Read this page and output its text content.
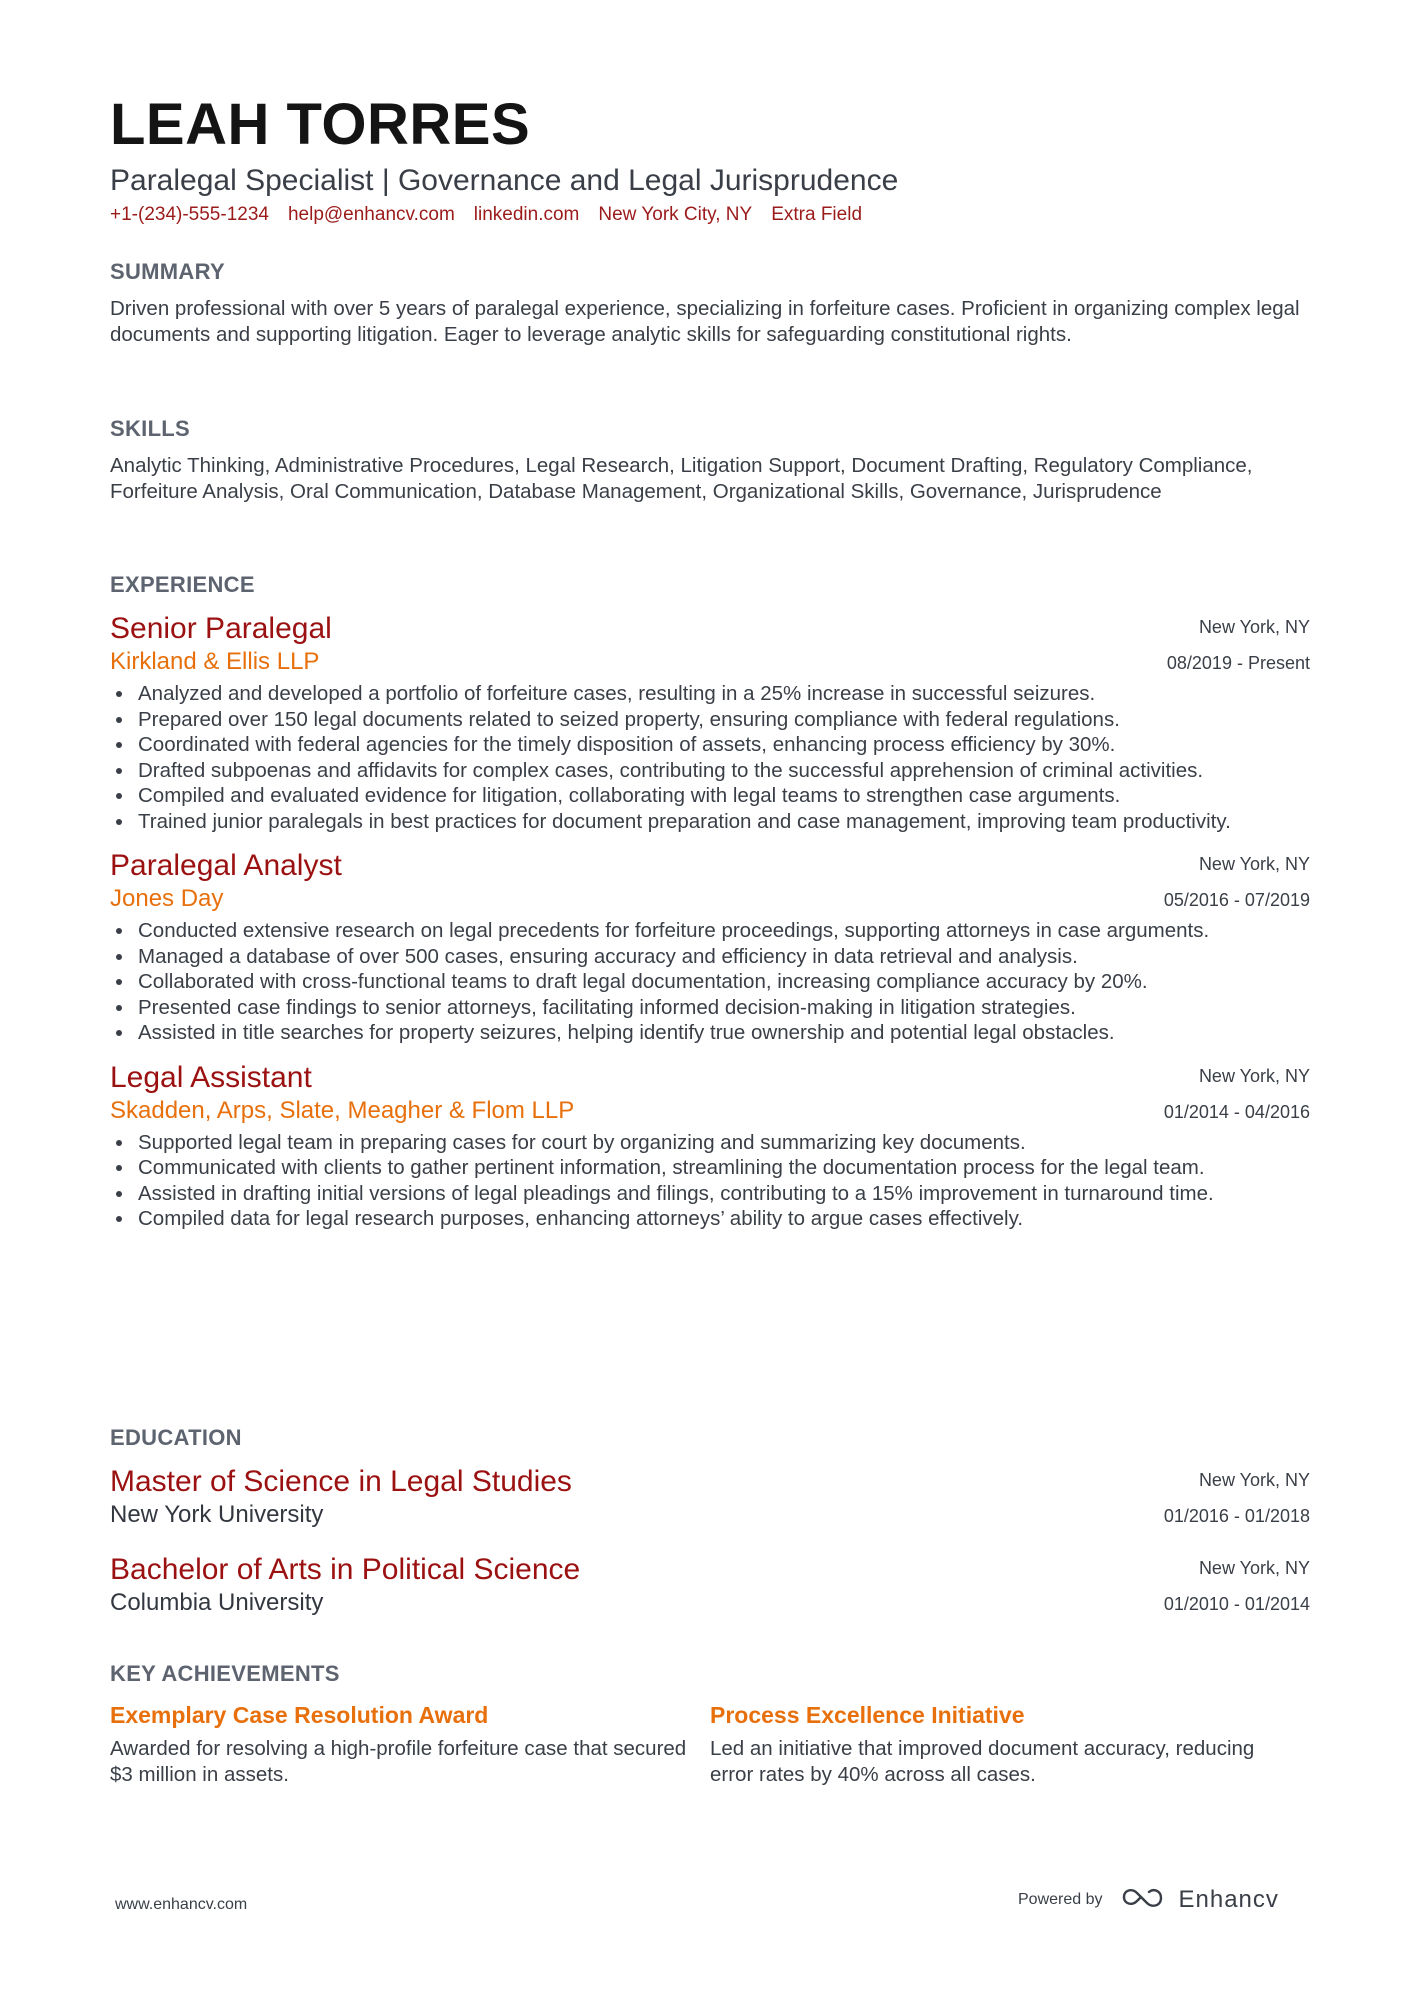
LEAH TORRES
Paralegal Specialist | Governance and Legal Jurisprudence
+1-(234)-555-1234 help@enhancv.com linkedin.com New York City, NY Extra Field
SUMMARY
Driven professional with over 5 years of paralegal experience, specializing in forfeiture cases. Proficient in organizing complex legal documents and supporting litigation. Eager to leverage analytic skills for safeguarding constitutional rights.
SKILLS
Analytic Thinking, Administrative Procedures, Legal Research, Litigation Support, Document Drafting, Regulatory Compliance, Forfeiture Analysis, Oral Communication, Database Management, Organizational Skills, Governance, Jurisprudence
EXPERIENCE
New York, NY
08/2019 - Present
Senior Paralegal
Kirkland & Ellis LLP
Analyzed and developed a portfolio of forfeiture cases, resulting in a 25% increase in successful seizures.
Prepared over 150 legal documents related to seized property, ensuring compliance with federal regulations.
Coordinated with federal agencies for the timely disposition of assets, enhancing process efficiency by 30%.
Drafted subpoenas and affidavits for complex cases, contributing to the successful apprehension of criminal activities.
Compiled and evaluated evidence for litigation, collaborating with legal teams to strengthen case arguments.
Trained junior paralegals in best practices for document preparation and case management, improving team productivity.
New York, NY
05/2016 - 07/2019
Paralegal Analyst
Jones Day
Conducted extensive research on legal precedents for forfeiture proceedings, supporting attorneys in case arguments.
Managed a database of over 500 cases, ensuring accuracy and efficiency in data retrieval and analysis.
Collaborated with cross-functional teams to draft legal documentation, increasing compliance accuracy by 20%.
Presented case findings to senior attorneys, facilitating informed decision-making in litigation strategies.
Assisted in title searches for property seizures, helping identify true ownership and potential legal obstacles.
New York, NY
01/2014 - 04/2016
Legal Assistant
Skadden, Arps, Slate, Meagher & Flom LLP
Supported legal team in preparing cases for court by organizing and summarizing key documents.
Communicated with clients to gather pertinent information, streamlining the documentation process for the legal team.
Assisted in drafting initial versions of legal pleadings and filings, contributing to a 15% improvement in turnaround time.
Compiled data for legal research purposes, enhancing attorneys’ ability to argue cases effectively.
EDUCATION
New York, NY
01/2016 - 01/2018
Master of Science in Legal Studies
New York University
New York, NY
01/2010 - 01/2014
Bachelor of Arts in Political Science
Columbia University
KEY ACHIEVEMENTS
Exemplary Case Resolution Award
Awarded for resolving a high-profile forfeiture case that secured $3 million in assets.
Process Excellence Initiative
Led an initiative that improved document accuracy, reducing error rates by 40% across all cases.
www.enhancv.com	Powered by	Enhancv
